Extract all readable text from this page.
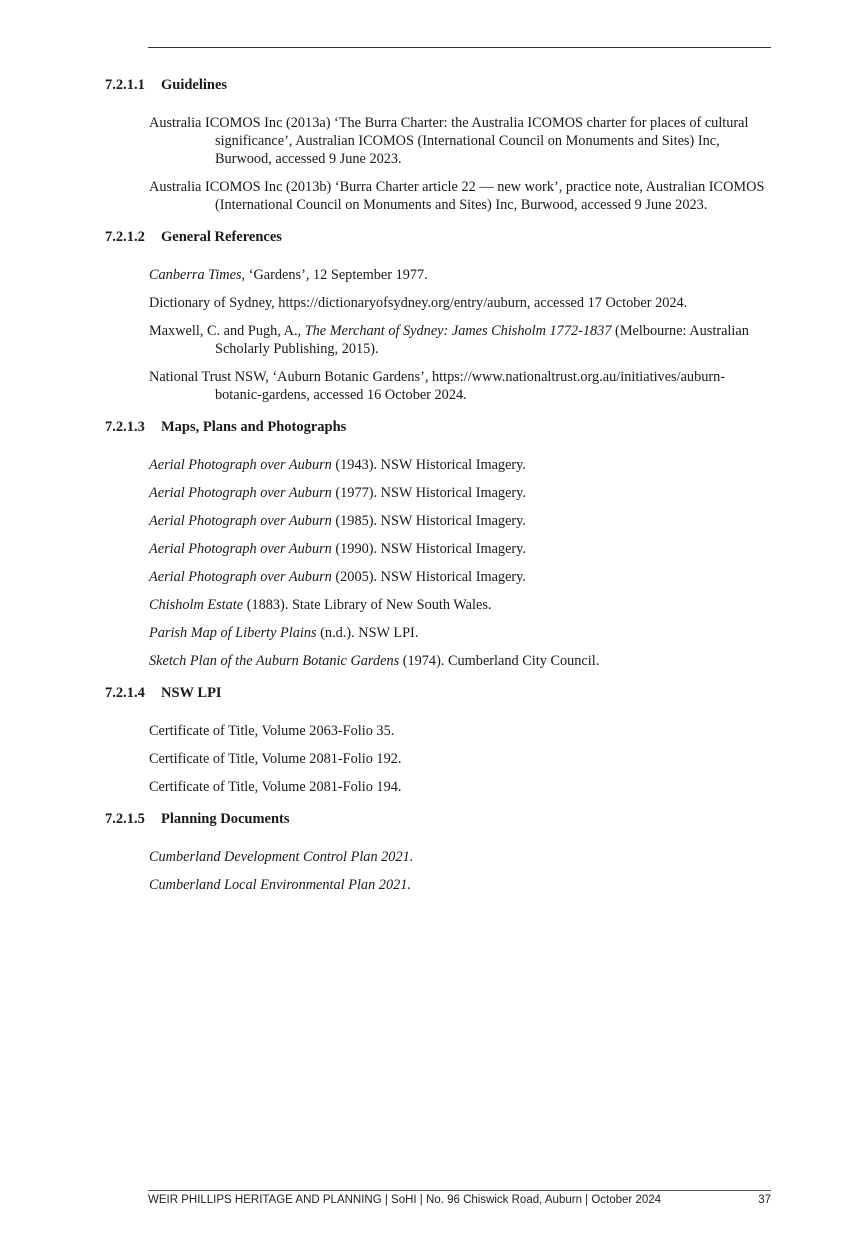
7.2.1.1 Guidelines

Australia ICOMOS Inc (2013a) ‘The Burra Charter: the Australia ICOMOS charter for places of cultural significance’, Australian ICOMOS (International Council on Monuments and Sites) Inc, Burwood, accessed 9 June 2023.

Australia ICOMOS Inc (2013b) ‘Burra Charter article 22 — new work’, practice note, Australian ICOMOS (International Council on Monuments and Sites) Inc, Burwood, accessed 9 June 2023.

7.2.1.2 General References

Canberra Times, ‘Gardens’, 12 September 1977.

Dictionary of Sydney, https://dictionaryofsydney.org/entry/auburn, accessed 17 October 2024.

Maxwell, C. and Pugh, A., The Merchant of Sydney: James Chisholm 1772-1837 (Melbourne: Australian Scholarly Publishing, 2015).

National Trust NSW, ‘Auburn Botanic Gardens’, https://www.nationaltrust.org.au/initiatives/auburn-botanic-gardens, accessed 16 October 2024.

7.2.1.3 Maps, Plans and Photographs

Aerial Photograph over Auburn (1943). NSW Historical Imagery.

Aerial Photograph over Auburn (1977). NSW Historical Imagery.

Aerial Photograph over Auburn (1985). NSW Historical Imagery.

Aerial Photograph over Auburn (1990). NSW Historical Imagery.

Aerial Photograph over Auburn (2005). NSW Historical Imagery.

Chisholm Estate (1883). State Library of New South Wales.

Parish Map of Liberty Plains (n.d.). NSW LPI.

Sketch Plan of the Auburn Botanic Gardens (1974). Cumberland City Council.

7.2.1.4 NSW LPI

Certificate of Title, Volume 2063-Folio 35.

Certificate of Title, Volume 2081-Folio 192.

Certificate of Title, Volume 2081-Folio 194.

7.2.1.5 Planning Documents

Cumberland Development Control Plan 2021.

Cumberland Local Environmental Plan 2021.

WEIR PHILLIPS HERITAGE AND PLANNING | SoHI | No. 96 Chiswick Road, Auburn | October 2024	37
